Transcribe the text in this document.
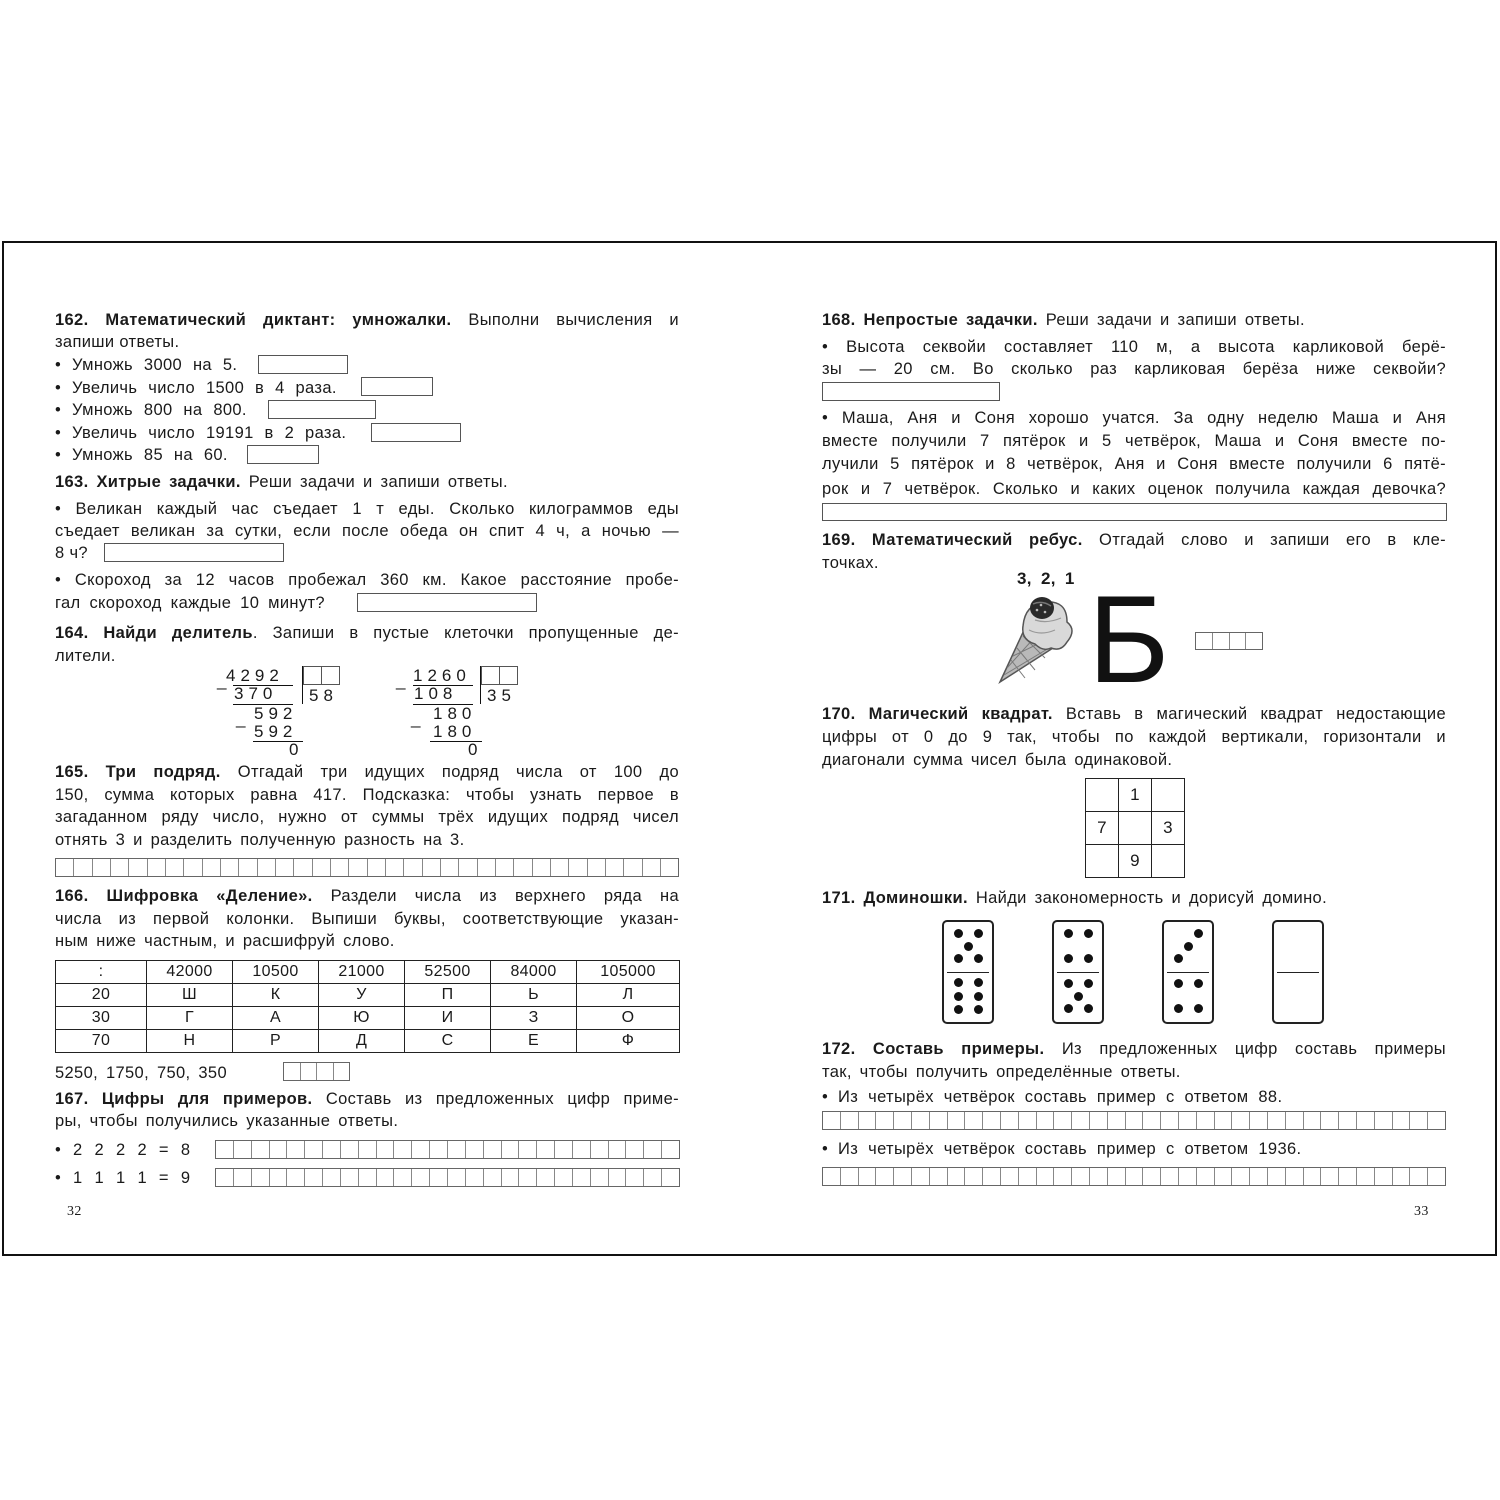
162. Математический диктант: умножалки. Выполни вычисления и
запиши ответы.
• Умножь 3000 на 5.
• Увеличь число 1500 в 4 раза.
• Умножь 800 на 800.
• Увеличь число 19191 в 2 раза.
• Умножь 85 на 60.
163. Хитрые задачки. Реши задачи и запиши ответы.
• Великан каждый час съедает 1 т еды. Сколько килограммов еды
съедает великан за сутки, если после обеда он спит 4 ч, а ночью —
8 ч?
• Скороход за 12 часов пробежал 360 км. Какое расстояние пробе-
гал скороход каждые 10 минут?
164. Найди делитель. Запиши в пустые клеточки пропущенные де-
лители.
_
4292
370 58
_ 592
592
0
_ 1260
108 35
_ 180
180
0
165. Три подряд. Отгадай три идущих подряд числа от 100 до
150, сумма которых равна 417. Подсказка: чтобы узнать первое в
загаданном ряду число, нужно от суммы трёх идущих подряд чисел
отнять 3 и разделить полученную разность на 3.
166. Шифровка «Деление». Раздели числа из верхнего ряда на
числа из первой колонки. Выпиши буквы, соответствующие указан-
ным ниже частным, и расшифруй слово.
:	42000	10500	21000	52500	84000	105000
20	Ш	К	У	П	Ь	Л
30	Г	А	Ю	И	З	О
70	Н	Р	Д	С	Е	Ф
5250, 1750, 750, 350
167. Цифры для примеров. Составь из предложенных цифр приме-
ры, чтобы получились указанные ответы.
• 2 2 2 2 = 8
• 1 1 1 1 = 9
32
168. Непростые задачки. Реши задачи и запиши ответы.
• Высота секвойи составляет 110 м, а высота карликовой берё-
зы — 20 см. Во сколько раз карликовая берёза ниже секвойи?
• Маша, Аня и Соня хорошо учатся. За одну неделю Маша и Аня
вместе получили 7 пятёрок и 5 четвёрок, Маша и Соня вместе по-
лучили 5 пятёрок и 8 четвёрок, Аня и Соня вместе получили 6 пятё-
рок и 7 четвёрок. Сколько и каких оценок получила каждая девочка?
169. Математический ребус. Отгадай слово и запиши его в кле-
точках.
3, 2, 1 Б
170. Магический квадрат. Вставь в магический квадрат недостающие
цифры от 0 до 9 так, чтобы по каждой вертикали, горизонтали и
диагонали сумма чисел была одинаковой.
	1	
7		3
	9	
171. Доминошки. Найди закономерность и дорисуй домино.
172. Составь примеры. Из предложенных цифр составь примеры
так, чтобы получить определённые ответы.
• Из четырёх четвёрок составь пример с ответом 88.
• Из четырёх четвёрок составь пример с ответом 1936.
33
